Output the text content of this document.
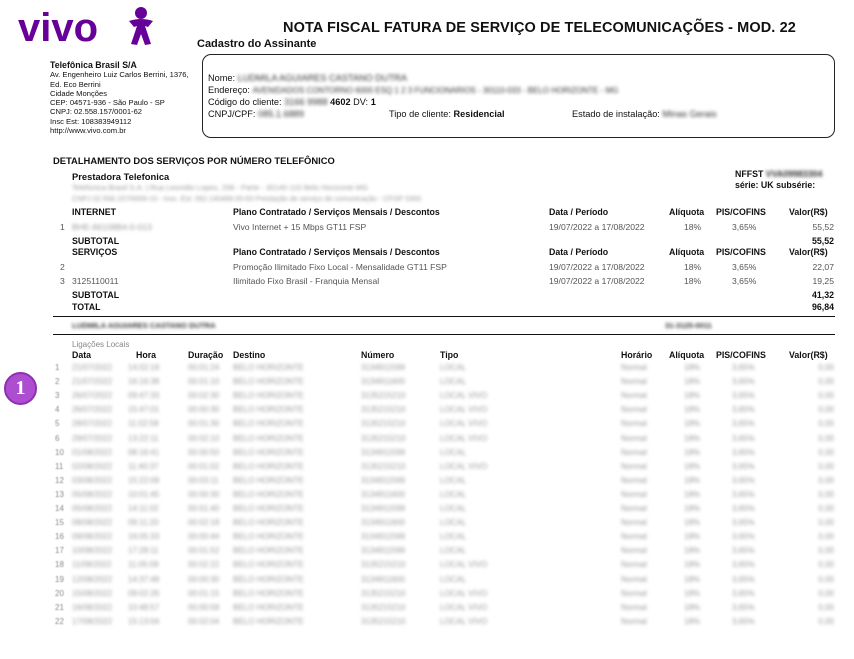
vivo	NOTA FISCAL FATURA DE SERVIÇO DE TELECOMUNICAÇÕES - MOD. 22
Cadastro do Assinante
Telefônica Brasil S/A
Av. Engenheiro Luiz Carlos Berrini, 1376,
Ed. Eco Berrini
Cidade Monções
CEP: 04571-936 - São Paulo - SP
CNPJ: 02.558.157/0001-62
Insc Est: 108383949112
http://www.vivo.com.br
Nome: LUDMILA AGUIARES CASTANO DUTRA
Endereço: AVENIDADOS CONTORNO 6000 ESQ 1 2 3 FUNCIONARIOS - 30110-033 - BELO HORIZONTE - MG
Código do cliente: 3166 9988 4602 DV: 1
CNPJ/CPF: 085.1.6889	Tipo de cliente: Residencial	Estado de instalação: Minas Gerais
DETALHAMENTO DOS SERVIÇOS POR NÚMERO TELEFÔNICO
Prestadora Telefonica
Telefonica Brasil S.A. | Rua Leonidio Lopes, 258 - Parte - 30140-110 Belo Horizonte MG
CNPJ 02.558.157/0009-10 - Insc. Est. 062.140468.00-63 Prestação de serviço de comunicação - CFOP 5300
NFFST VVA09983304
série: UK subsérie:
INTERNET	Plano Contratado / Serviços Mensais / Descontos	Data / Período	Alíquota PIS/COFINS	Valor(R$)
1 BHE-66108B4-0-013	Vivo Internet + 15 Mbps GT11 FSP	19/07/2022 a 17/08/2022	18%	3,65%	55,52
SUBTOTAL	55,52
SERVIÇOS	Plano Contratado / Serviços Mensais / Descontos	Data / Período	Alíquota PIS/COFINS	Valor(R$)
2	Promoção Ilimitado Fixo Local - Mensalidade GT11 FSP	19/07/2022 a 17/08/2022	18%	3,65%	22,07
3 3125110011	Ilimitado Fixo Brasil - Franquia Mensal	19/07/2022 a 17/08/2022	18%	3,65%	19,25
SUBTOTAL	41,32
TOTAL	96,84
LUDMILA AGUIARES CASTANO DUTRA	31-3125-0011
Ligações Locais
Data	Hora	Duração Destino	Número	Tipo	Horário Alíquota PIS/COFINS	Valor(R$)
1 21/07/2022 14:02:18	00:01:24 BELO HORIZONTE	3134911599	LOCAL	Normal	18%	3,65%	0,00
2 21/07/2022 16:16:38	00:01:10 BELO HORIZONTE	3134911600	LOCAL	Normal	18%	3,65%	0,00
3 26/07/2022 09:47:33	00:02:30 BELO HORIZONTE	3135215210	LOCAL VIVO	Normal	18%	3,65%	0,00
4 26/07/2022 15:47:01	00:00:30 BELO HORIZONTE	3135215210	LOCAL VIVO	Normal	18%	3,65%	0,00
5 28/07/2022 11:02:58	00:01:30 BELO HORIZONTE	3135215210	LOCAL VIVO	Normal	18%	3,65%	0,00
6 29/07/2022 13:22:11	00:02:10 BELO HORIZONTE	3135215210	LOCAL VIVO	Normal	18%	3,65%	0,00
10 01/08/2022 08:16:41	00:00:50 BELO HORIZONTE	3134911599	LOCAL	Normal	18%	3,65%	0,00
11 02/08/2022 11:40:37	00:01:02 BELO HORIZONTE	3135215210	LOCAL VIVO	Normal	18%	3,65%	0,00
12 03/08/2022 15:22:09	00:03:11 BELO HORIZONTE	3134911599	LOCAL	Normal	18%	3,65%	0,00
13 05/08/2022 10:01:45	00:00:30 BELO HORIZONTE	3134911600	LOCAL	Normal	18%	3,65%	0,00
14 05/08/2022 14:11:02	00:01:40 BELO HORIZONTE	3134911599	LOCAL	Normal	18%	3,65%	0,00
15 08/08/2022 09:11:20	00:02:18 BELO HORIZONTE	3134911600	LOCAL	Normal	18%	3,65%	0,00
16 09/08/2022 16:05:33	00:00:44 BELO HORIZONTE	3134911599	LOCAL	Normal	18%	3,65%	0,00
17 10/08/2022 17:28:11	00:01:52 BELO HORIZONTE	3134911599	LOCAL	Normal	18%	3,65%	0,00
18 11/08/2022 11:05:09	00:02:22 BELO HORIZONTE	3135215210	LOCAL VIVO	Normal	18%	3,65%	0,00
19 12/08/2022 14:37:48	00:00:30 BELO HORIZONTE	3134911600	LOCAL	Normal	18%	3,65%	0,00
20 15/08/2022 09:02:26	00:01:15 BELO HORIZONTE	3135215210	LOCAL VIVO	Normal	18%	3,65%	0,00
21 16/08/2022 10:48:57	00:00:58 BELO HORIZONTE	3135215210	LOCAL VIVO	Normal	18%	3,65%	0,00
22 17/08/2022 15:13:04	00:02:04 BELO HORIZONTE	3135215210	LOCAL VIVO	Normal	18%	3,65%	0,00
1
